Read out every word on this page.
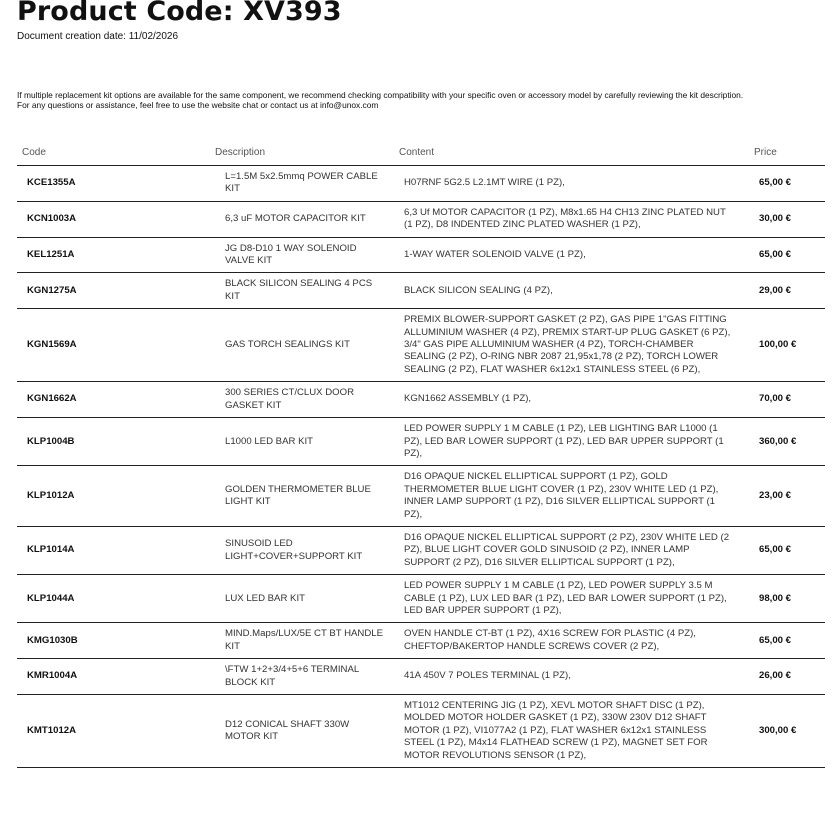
Product Code: XV393
Document creation date: 11/02/2026
If multiple replacement kit options are available for the same component, we recommend checking compatibility with your specific oven or accessory model by carefully reviewing the kit description.
For any questions or assistance, feel free to use the website chat or contact us at info@unox.com
Code	Description	Content	Price
KCE1355A	L=1.5M 5x2.5mmq POWER CABLE KIT	H07RNF 5G2.5 L2.1MT WIRE (1 PZ),	65,00 €
KCN1003A	6,3 uF MOTOR CAPACITOR KIT	6,3 Uf MOTOR CAPACITOR (1 PZ), M8x1.65 H4 CH13 ZINC PLATED NUT (1 PZ), D8 INDENTED ZINC PLATED WASHER (1 PZ),	30,00 €
KEL1251A	JG D8-D10 1 WAY SOLENOID VALVE KIT	1-WAY WATER SOLENOID VALVE (1 PZ),	65,00 €
KGN1275A	BLACK SILICON SEALING 4 PCS KIT	BLACK SILICON SEALING (4 PZ),	29,00 €
KGN1569A	GAS TORCH SEALINGS KIT	PREMIX BLOWER-SUPPORT GASKET (2 PZ), GAS PIPE 1"GAS FITTING ALLUMINIUM WASHER (4 PZ), PREMIX START-UP PLUG GASKET (6 PZ), 3/4" GAS PIPE ALLUMINIUM WASHER (4 PZ), TORCH-CHAMBER SEALING (2 PZ), O-RING NBR 2087 21,95x1,78 (2 PZ), TORCH LOWER SEALING (2 PZ), FLAT WASHER 6x12x1 STAINLESS STEEL (6 PZ),	100,00 €
KGN1662A	300 SERIES CT/CLUX DOOR GASKET KIT	KGN1662 ASSEMBLY (1 PZ),	70,00 €
KLP1004B	L1000 LED BAR KIT	LED POWER SUPPLY 1 M CABLE (1 PZ), LEB LIGHTING BAR L1000 (1 PZ), LED BAR LOWER SUPPORT (1 PZ), LED BAR UPPER SUPPORT (1 PZ),	360,00 €
KLP1012A	GOLDEN THERMOMETER BLUE LIGHT KIT	D16 OPAQUE NICKEL ELLIPTICAL SUPPORT (1 PZ), GOLD THERMOMETER BLUE LIGHT COVER (1 PZ), 230V WHITE LED (1 PZ), INNER LAMP SUPPORT (1 PZ), D16 SILVER ELLIPTICAL SUPPORT (1 PZ),	23,00 €
KLP1014A	SINUSOID LED LIGHT+COVER+SUPPORT KIT	D16 OPAQUE NICKEL ELLIPTICAL SUPPORT (2 PZ), 230V WHITE LED (2 PZ), BLUE LIGHT COVER GOLD SINUSOID (2 PZ), INNER LAMP SUPPORT (2 PZ), D16 SILVER ELLIPTICAL SUPPORT (1 PZ),	65,00 €
KLP1044A	LUX LED BAR KIT	LED POWER SUPPLY 1 M CABLE (1 PZ), LED POWER SUPPLY 3.5 M CABLE (1 PZ), LUX LED BAR (1 PZ), LED BAR LOWER SUPPORT (1 PZ), LED BAR UPPER SUPPORT (1 PZ),	98,00 €
KMG1030B	MIND.Maps/LUX/5E CT BT HANDLE KIT	OVEN HANDLE CT-BT (1 PZ), 4X16 SCREW FOR PLASTIC (4 PZ), CHEFTOP/BAKERTOP HANDLE SCREWS COVER (2 PZ),	65,00 €
KMR1004A	\FTW 1+2+3/4+5+6 TERMINAL BLOCK KIT	41A 450V 7 POLES TERMINAL (1 PZ),	26,00 €
KMT1012A	D12 CONICAL SHAFT 330W MOTOR KIT	MT1012 CENTERING JIG (1 PZ), XEVL MOTOR SHAFT DISC (1 PZ), MOLDED MOTOR HOLDER GASKET (1 PZ), 330W 230V D12 SHAFT MOTOR (1 PZ), VI1077A2 (1 PZ), FLAT WASHER 6x12x1 STAINLESS STEEL (1 PZ), M4x14 FLATHEAD SCREW (1 PZ), MAGNET SET FOR MOTOR REVOLUTIONS SENSOR (1 PZ),	300,00 €
